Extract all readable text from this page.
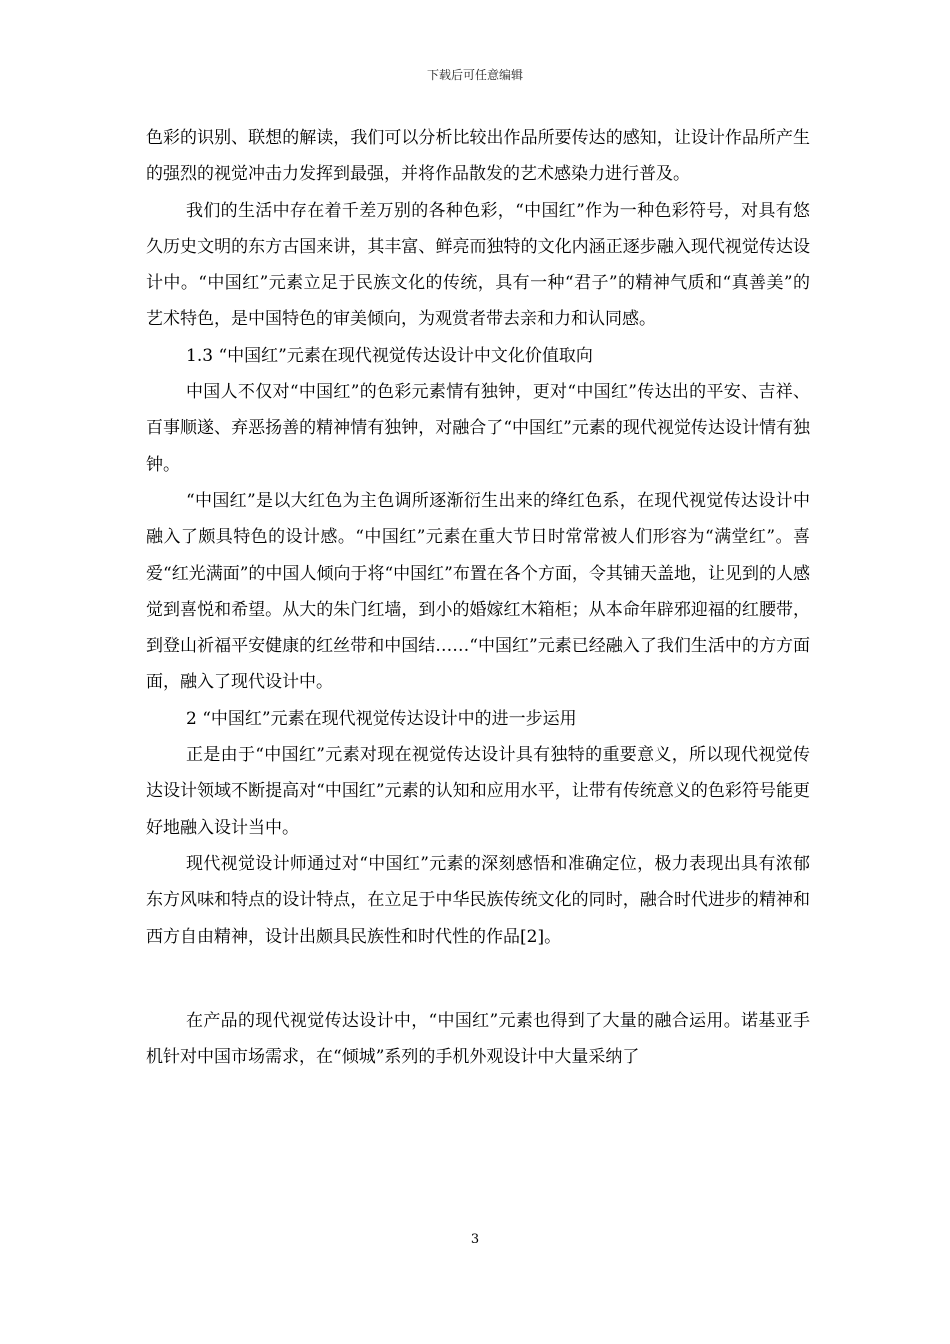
下载后可任意编辑

色彩的识别、联想的解读，我们可以分析比较出作品所要传达的感知，让设计作品所产生的强烈的视觉冲击力发挥到最强，并将作品散发的艺术感染力进行普及。

我们的生活中存在着千差万别的各种色彩，“中国红”作为一种色彩符号，对具有悠久历史文明的东方古国来讲，其丰富、鲜亮而独特的文化内涵正逐步融入现代视觉传达设计中。“中国红”元素立足于民族文化的传统，具有一种“君子”的精神气质和“真善美”的艺术特色，是中国特色的审美倾向，为观赏者带去亲和力和认同感。

1.3 “中国红”元素在现代视觉传达设计中文化价值取向

中国人不仅对“中国红”的色彩元素情有独钟，更对“中国红”传达出的平安、吉祥、百事顺遂、弃恶扬善的精神情有独钟，对融合了“中国红”元素的现代视觉传达设计情有独钟。

“中国红”是以大红色为主色调所逐渐衍生出来的绛红色系，在现代视觉传达设计中融入了颇具特色的设计感。“中国红”元素在重大节日时常常被人们形容为“满堂红”。喜爱“红光满面”的中国人倾向于将“中国红”布置在各个方面，令其铺天盖地，让见到的人感觉到喜悦和希望。从大的朱门红墙，到小的婚嫁红木箱柜；从本命年辟邪迎福的红腰带，到登山祈福平安健康的红丝带和中国结……“中国红”元素已经融入了我们生活中的方方面面，融入了现代设计中。

2 “中国红”元素在现代视觉传达设计中的进一步运用

正是由于“中国红”元素对现在视觉传达设计具有独特的重要意义，所以现代视觉传达设计领域不断提高对“中国红”元素的认知和应用水平，让带有传统意义的色彩符号能更好地融入设计当中。

现代视觉设计师通过对“中国红”元素的深刻感悟和准确定位，极力表现出具有浓郁东方风味和特点的设计特点，在立足于中华民族传统文化的同时，融合时代进步的精神和西方自由精神，设计出颇具民族性和时代性的作品[2]。

在产品的现代视觉传达设计中，“中国红”元素也得到了大量的融合运用。诺基亚手机针对中国市场需求，在“倾城”系列的手机外观设计中大量采纳了

3
